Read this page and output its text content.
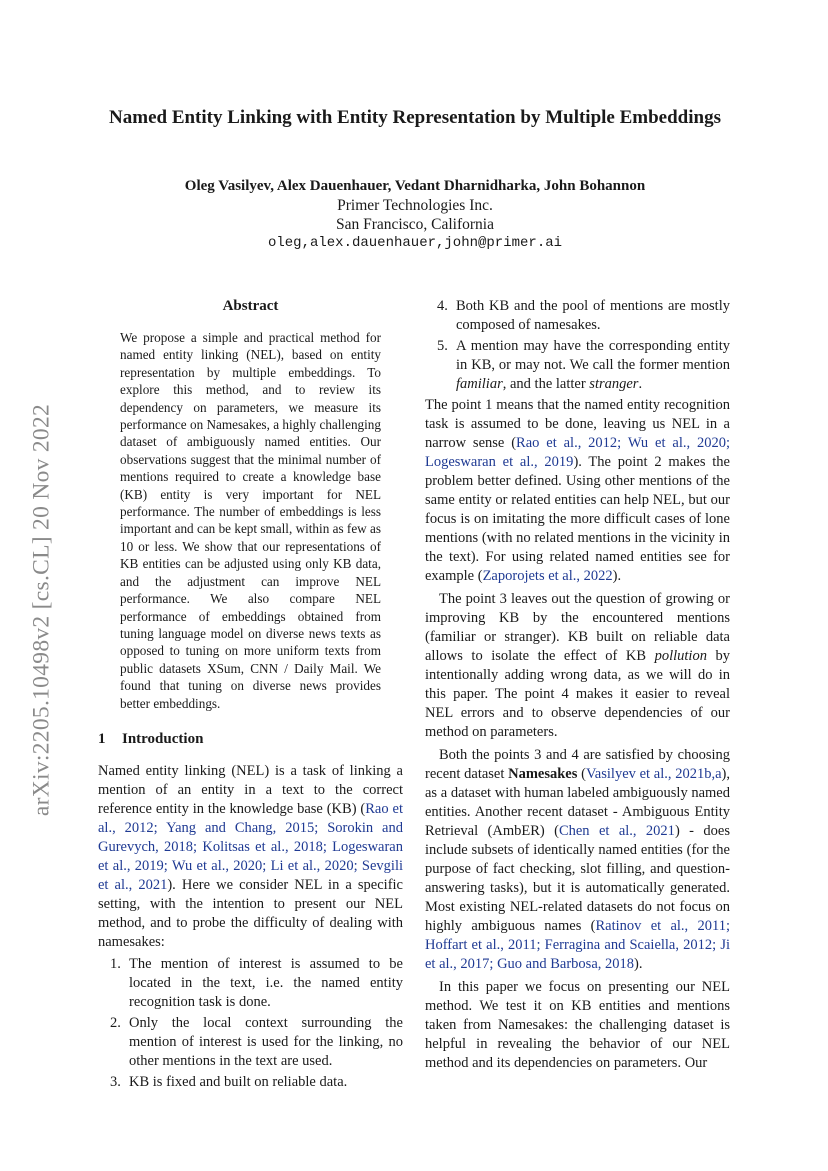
arXiv:2205.10498v2 [cs.CL] 20 Nov 2022
Named Entity Linking with Entity Representation by Multiple Embeddings
Oleg Vasilyev, Alex Dauenhauer, Vedant Dharnidharka, John Bohannon
Primer Technologies Inc.
San Francisco, California
oleg,alex.dauenhauer,john@primer.ai
Abstract
We propose a simple and practical method for named entity linking (NEL), based on entity representation by multiple embeddings. To explore this method, and to review its dependency on parameters, we measure its performance on Namesakes, a highly challenging dataset of ambiguously named entities. Our observations suggest that the minimal number of mentions required to create a knowledge base (KB) entity is very important for NEL performance. The number of embeddings is less important and can be kept small, within as few as 10 or less. We show that our representations of KB entities can be adjusted using only KB data, and the adjustment can improve NEL performance. We also compare NEL performance of embeddings obtained from tuning language model on diverse news texts as opposed to tuning on more uniform texts from public datasets XSum, CNN / Daily Mail. We found that tuning on diverse news provides better embeddings.
1 Introduction

Named entity linking (NEL) is a task of linking a mention of an entity in a text to the correct reference entity in the knowledge base (KB) (Rao et al., 2012; Yang and Chang, 2015; Sorokin and Gurevych, 2018; Kolitsas et al., 2018; Logeswaran et al., 2019; Wu et al., 2020; Li et al., 2020; Sevgili et al., 2021). Here we consider NEL in a specific setting, with the intention to present our NEL method, and to probe the difficulty of dealing with namesakes:

1. The mention of interest is assumed to be located in the text, i.e. the named entity recognition task is done.
2. Only the local context surrounding the mention of interest is used for the linking, no other mentions in the text are used.
3. KB is fixed and built on reliable data.
4. Both KB and the pool of mentions are mostly composed of namesakes.
5. A mention may have the corresponding entity in KB, or may not. We call the former mention familiar, and the latter stranger.

The point 1 means that the named entity recognition task is assumed to be done, leaving us NEL in a narrow sense (Rao et al., 2012; Wu et al., 2020; Logeswaran et al., 2019). The point 2 makes the problem better defined. Using other mentions of the same entity or related entities can help NEL, but our focus is on imitating the more difficult cases of lone mentions (with no related mentions in the vicinity in the text). For using related named entities see for example (Zaporojets et al., 2022).

The point 3 leaves out the question of growing or improving KB by the encountered mentions (familiar or stranger). KB built on reliable data allows to isolate the effect of KB pollution by intentionally adding wrong data, as we will do in this paper. The point 4 makes it easier to reveal NEL errors and to observe dependencies of our method on parameters.

Both the points 3 and 4 are satisfied by choosing recent dataset Namesakes (Vasilyev et al., 2021b,a), as a dataset with human labeled ambiguously named entities. Another recent dataset - Ambiguous Entity Retrieval (AmbER) (Chen et al., 2021) - does include subsets of identically named entities (for the purpose of fact checking, slot filling, and question-answering tasks), but it is automatically generated. Most existing NEL-related datasets do not focus on highly ambiguous names (Ratinov et al., 2011; Hoffart et al., 2011; Ferragina and Scaiella, 2012; Ji et al., 2017; Guo and Barbosa, 2018).

In this paper we focus on presenting our NEL method. We test it on KB entities and mentions taken from Namesakes: the challenging dataset is helpful in revealing the behavior of our NEL method and its dependencies on parameters. Our
